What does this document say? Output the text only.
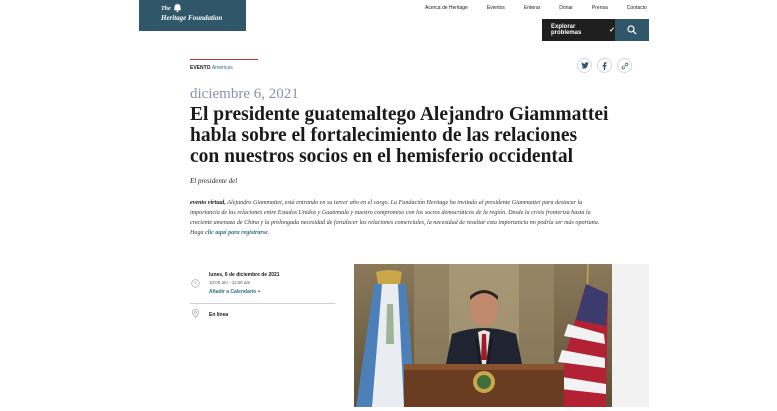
The
Heritage Foundation
Acerca de Heritage	Eventos	Enterar	Donar	Prensa	Contacto
Explorar problemas	✓
EVENTO Américas
diciembre 6, 2021
El presidente guatemaltego Alejandro Giammattei habla sobre el fortalecimiento de las relaciones con nuestros socios en el hemisferio occidental

El presidente del

evento virtual, Alejandro Giammattei, está entrando en su tercer año en el cargo. La Fundación Heritage ha invitado al presidente Giammattei para destacar la importancia de las relaciones entre Estados Unidos y Guatemala y nuestro compromiso con los socios democráticos de la región. Desde la crisis fronteriza hasta la creciente amenaza de China y la prolongada necesidad de fortalecer las relaciones comerciales, la necesidad de resaltar esta importancia no podría ser más oportuna. Haga clic aquí para registrarse.

lunes, 6 de diciembre de 2021
10:00 am - 11:00 am
Añadir a Calendario +
En línea
